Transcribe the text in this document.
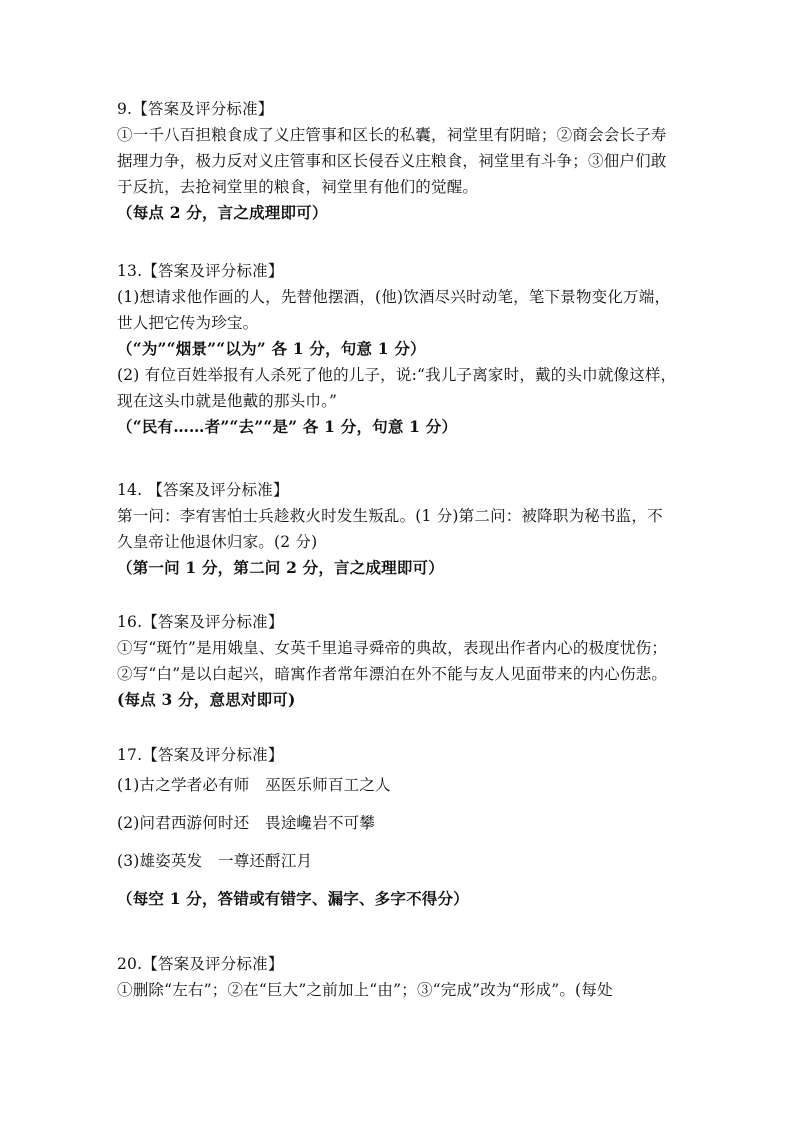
9.【答案及评分标准】
①一千八百担粮食成了义庄管事和区长的私囊，祠堂里有阴暗；②商会会长子寿
据理力争，极力反对义庄管事和区长侵吞义庄粮食，祠堂里有斗争；③佃户们敢
于反抗，去抢祠堂里的粮食，祠堂里有他们的觉醒。
（每点 2 分，言之成理即可）
13.【答案及评分标准】
(1)想请求他作画的人，先替他摆酒，(他)饮酒尽兴时动笔，笔下景物变化万端，
世人把它传为珍宝。
（“为”“烟景”“以为” 各 1 分，句意 1 分）
(2) 有位百姓举报有人杀死了他的儿子，说:“我儿子离家时，戴的头巾就像这样，
现在这头巾就是他戴的那头巾。”
（“民有……者”“去”“是” 各 1 分，句意 1 分）
14. 【答案及评分标准】
第一问：李宥害怕士兵趁救火时发生叛乱。(1 分)第二问：被降职为秘书监，不
久皇帝让他退休归家。(2 分)
（第一问 1 分，第二问 2 分，言之成理即可）
16.【答案及评分标准】
①写“斑竹”是用娥皇、女英千里追寻舜帝的典故，表现出作者内心的极度忧伤；
②写“白”是以白起兴，暗寓作者常年漂泊在外不能与友人见面带来的内心伤悲。
(每点 3 分，意思对即可)
17.【答案及评分标准】
(1)古之学者必有师　巫医乐师百工之人
(2)问君西游何时还　畏途巉岩不可攀
(3)雄姿英发　一尊还酹江月
（每空 1 分，答错或有错字、漏字、多字不得分）
20.【答案及评分标准】
①删除“左右”；②在“巨大”之前加上“由”；③“完成”改为“形成”。(每处
